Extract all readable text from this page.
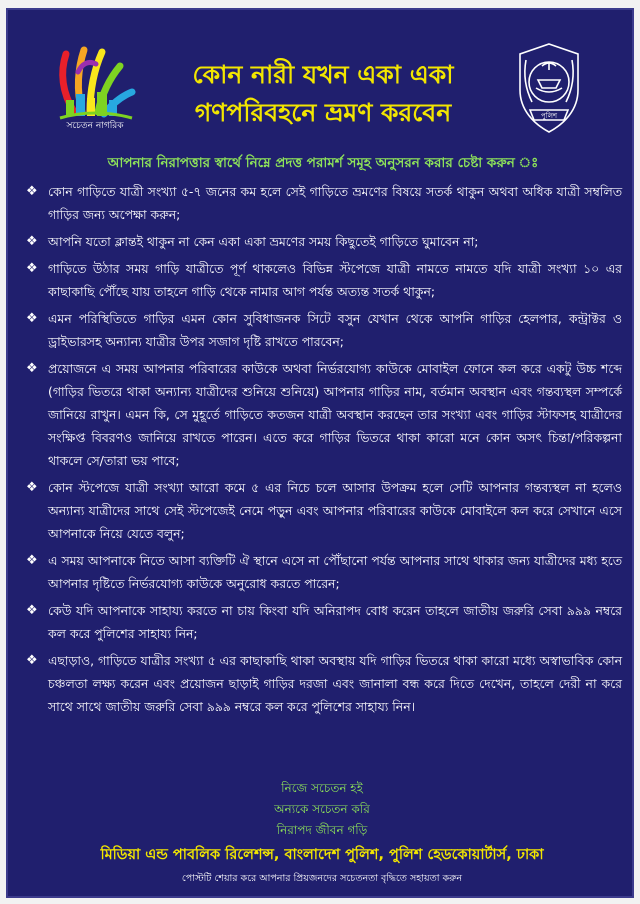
সচেতন নাগরিক
কোন নারী যখন একা একা
গণপরিবহনে ভ্রমণ করবেন	পুলিশ
আপনার নিরাপত্তার স্বার্থে নিম্নে প্রদত্ত পরামর্শ সমূহ অনুসরন করার চেষ্টা করুন ঃ
❖ কোন গাড়িতে যাত্রী সংখ্যা ৫-৭ জনের কম হলে সেই গাড়িতে ভ্রমণের বিষয়ে সতর্ক থাকুন অথবা অধিক যাত্রী সম্বলিত গাড়ির জন্য অপেক্ষা করুন;
❖ আপনি যতো ক্লান্তই থাকুন না কেন একা একা ভ্রমণের সময় কিছুতেই গাড়িতে ঘুমাবেন না;
❖ গাড়িতে উঠার সময় গাড়ি যাত্রীতে পূর্ণ থাকলেও বিভিন্ন স্টপেজে যাত্রী নামতে নামতে যদি যাত্রী সংখ্যা ১০ এর কাছাকাছি পৌঁছে যায় তাহলে গাড়ি থেকে নামার আগ পর্যন্ত অত্যন্ত সতর্ক থাকুন;
❖ এমন পরিস্থিতিতে গাড়ির এমন কোন সুবিধাজনক সিটে বসুন যেখান থেকে আপনি গাড়ির হেলপার, কন্ট্রাক্টর ও ড্রাইভারসহ অন্যান্য যাত্রীর উপর সজাগ দৃষ্টি রাখতে পারবেন;
❖ প্রয়োজনে এ সময় আপনার পরিবারের কাউকে অথবা নির্ভরযোগ্য কাউকে মোবাইল ফোনে কল করে একটু উচ্চ শব্দে (গাড়ির ভিতরে থাকা অন্যান্য যাত্রীদের শুনিয়ে শুনিয়ে) আপনার গাড়ির নাম, বর্তমান অবস্থান এবং গন্তব্যস্থল সম্পর্কে জানিয়ে রাখুন। এমন কি, সে মুহূর্তে গাড়িতে কতজন যাত্রী অবস্থান করছেন তার সংখ্যা এবং গাড়ির স্টাফসহ যাত্রীদের সংক্ষিপ্ত বিবরণও জানিয়ে রাখতে পারেন। এতে করে গাড়ির ভিতরে থাকা কারো মনে কোন অসৎ চিন্তা/পরিকল্পনা থাকলে সে/তারা ভয় পাবে;
❖ কোন স্টপেজে যাত্রী সংখ্যা আরো কমে ৫ এর নিচে চলে আসার উপক্রম হলে সেটি আপনার গন্তব্যস্থল না হলেও অন্যান্য যাত্রীদের সাথে সেই স্টপেজেই নেমে পড়ুন এবং আপনার পরিবারের কাউকে মোবাইলে কল করে সেখানে এসে আপনাকে নিয়ে যেতে বলুন;
❖ এ সময় আপনাকে নিতে আসা ব্যক্তিটি ঐ স্থানে এসে না পৌঁছানো পর্যন্ত আপনার সাথে থাকার জন্য যাত্রীদের মধ্য হতে আপনার দৃষ্টিতে নির্ভরযোগ্য কাউকে অনুরোধ করতে পারেন;
❖ কেউ যদি আপনাকে সাহায্য করতে না চায় কিংবা যদি অনিরাপদ বোধ করেন তাহলে জাতীয় জরুরি সেবা ৯৯৯ নম্বরে কল করে পুলিশের সাহায্য নিন;
❖ এছাড়াও, গাড়িতে যাত্রীর সংখ্যা ৫ এর কাছাকাছি থাকা অবস্থায় যদি গাড়ির ভিতরে থাকা কারো মধ্যে অস্বাভাবিক কোন চঞ্চলতা লক্ষ্য করেন এবং প্রয়োজন ছাড়াই গাড়ির দরজা এবং জানালা বন্ধ করে দিতে দেখেন, তাহলে দেরী না করে সাথে সাথে জাতীয় জরুরি সেবা ৯৯৯ নম্বরে কল করে পুলিশের সাহায্য নিন।
নিজে সচেতন হই
অন্যকে সচেতন করি
নিরাপদ জীবন গড়ি
মিডিয়া এন্ড পাবলিক রিলেশন্স, বাংলাদেশ পুলিশ, পুলিশ হেডকোয়ার্টার্স, ঢাকা
পোস্টটি শেয়ার করে আপনার প্রিয়জনদের সচেতনতা বৃদ্ধিতে সহায়তা করুন
